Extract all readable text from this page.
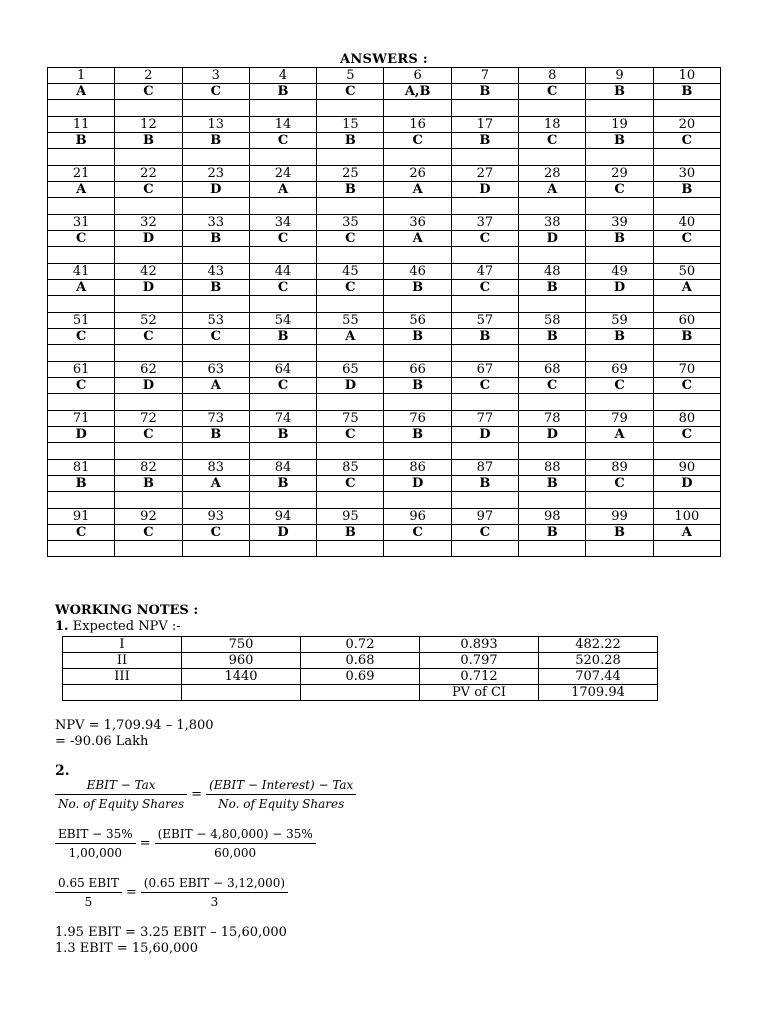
ANSWERS :
1	2	3	4	5	6	7	8	9	10
A	C	C	B	C	A,B	B	C	B	B

11	12	13	14	15	16	17	18	19	20
B	B	B	C	B	C	B	C	B	C

21	22	23	24	25	26	27	28	29	30
A	C	D	A	B	A	D	A	C	B

31	32	33	34	35	36	37	38	39	40
C	D	B	C	C	A	C	D	B	C

41	42	43	44	45	46	47	48	49	50
A	D	B	C	C	B	C	B	D	A

51	52	53	54	55	56	57	58	59	60
C	C	C	B	A	B	B	B	B	B

61	62	63	64	65	66	67	68	69	70
C	D	A	C	D	B	C	C	C	C

71	72	73	74	75	76	77	78	79	80
D	C	B	B	C	B	D	D	A	C

81	82	83	84	85	86	87	88	89	90
B	B	A	B	C	D	B	B	C	D

91	92	93	94	95	96	97	98	99	100
C	C	C	D	B	C	C	B	B	A

WORKING NOTES :
1. Expected NPV :-
I	750	0.72	0.893	482.22
II	960	0.68	0.797	520.28
III	1440	0.69	0.712	707.44
			PV of CI	1709.94
NPV = 1,709.94 – 1,800
= -90.06 Lakh
2.
$\frac{\text{EBIT − Tax}}{\text{No. of Equity Shares}} = \frac{\text{(EBIT − Interest) − Tax}}{\text{No. of Equity Shares}}$
$\frac{\text{EBIT − 35\%}}{1,00,000} = \frac{\text{(EBIT − 4,80,000) − 35\%}}{60,000}$
$\frac{\text{0.65 EBIT}}{5} = \frac{\text{(0.65 EBIT − 3,12,000)}}{3}$
1.95 EBIT = 3.25 EBIT – 15,60,000
1.3 EBIT = 15,60,000
